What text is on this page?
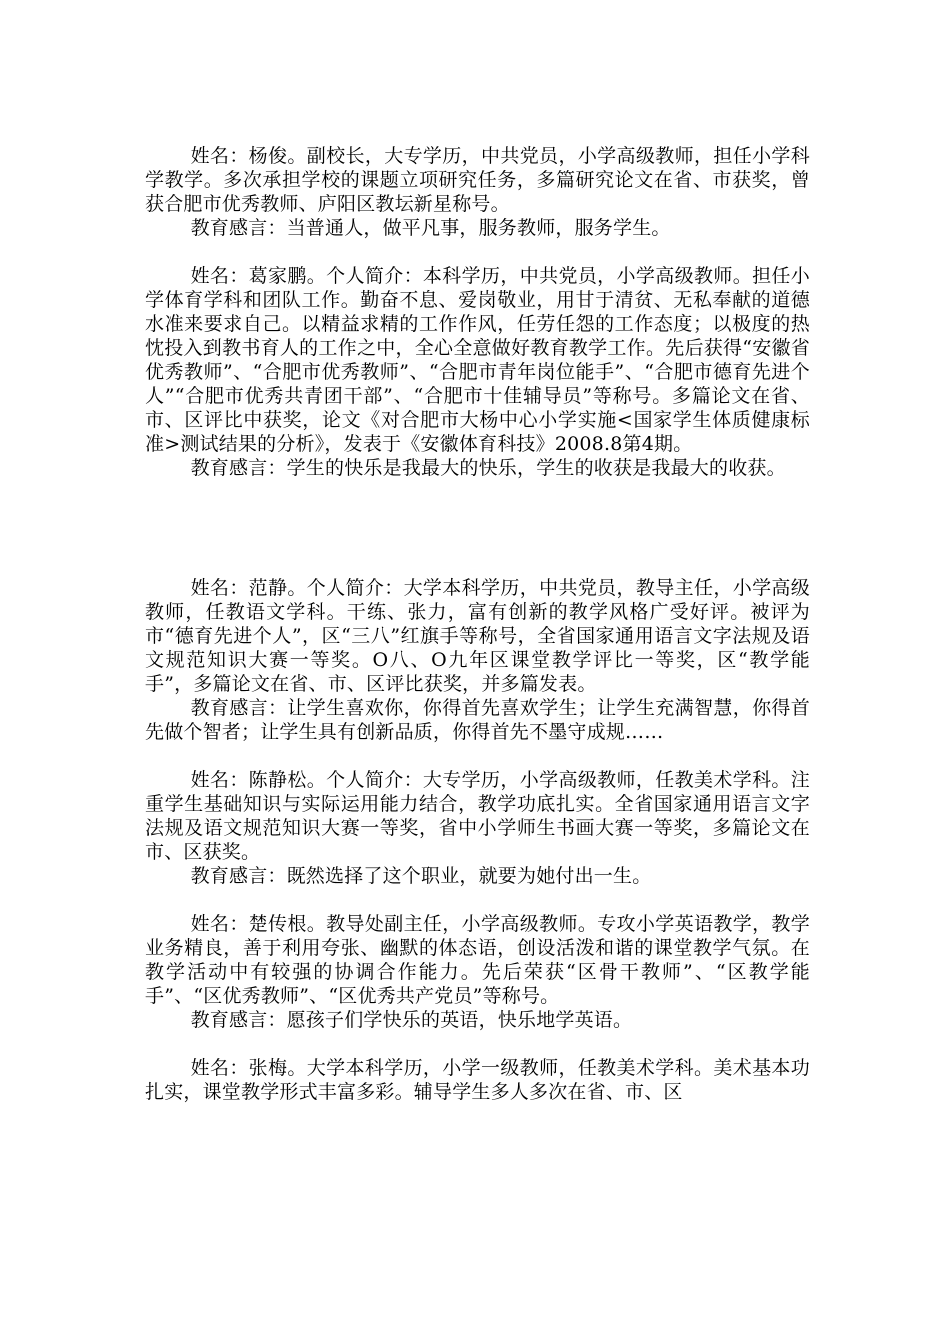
姓名：杨俊。副校长，大专学历，中共党员，小学高级教师，担任小学科学教学。多次承担学校的课题立项研究任务，多篇研究论文在省、市获奖，曾获合肥市优秀教师、庐阳区教坛新星称号。

教育感言：当普通人，做平凡事，服务教师，服务学生。

姓名：葛家鹏。个人简介：本科学历，中共党员，小学高级教师。担任小学体育学科和团队工作。勤奋不息、爱岗敬业，用甘于清贫、无私奉献的道德水准来要求自己。以精益求精的工作作风，任劳任怨的工作态度；以极度的热忱投入到教书育人的工作之中，全心全意做好教育教学工作。先后获得“安徽省优秀教师”、“合肥市优秀教师”、“合肥市青年岗位能手”、“合肥市德育先进个人”“合肥市优秀共青团干部”、“合肥市十佳辅导员”等称号。多篇论文在省、市、区评比中获奖，论文《对合肥市大杨中心小学实施<国家学生体质健康标准>测试结果的分析》，发表于《安徽体育科技》2008.8第4期。

教育感言：学生的快乐是我最大的快乐，学生的收获是我最大的收获。

姓名：范静。个人简介：大学本科学历，中共党员，教导主任，小学高级教师，任教语文学科。干练、张力，富有创新的教学风格广受好评。被评为市“德育先进个人”，区“三八”红旗手等称号，全省国家通用语言文字法规及语文规范知识大赛一等奖。O八、O九年区课堂教学评比一等奖，区“教学能手”，多篇论文在省、市、区评比获奖，并多篇发表。

教育感言：让学生喜欢你，你得首先喜欢学生；让学生充满智慧，你得首先做个智者；让学生具有创新品质，你得首先不墨守成规……

姓名：陈静松。个人简介：大专学历，小学高级教师，任教美术学科。注重学生基础知识与实际运用能力结合，教学功底扎实。全省国家通用语言文字法规及语文规范知识大赛一等奖，省中小学师生书画大赛一等奖，多篇论文在市、区获奖。

教育感言：既然选择了这个职业，就要为她付出一生。

姓名：楚传根。教导处副主任，小学高级教师。专攻小学英语教学，教学业务精良，善于利用夸张、幽默的体态语，创设活泼和谐的课堂教学气氛。在教学活动中有较强的协调合作能力。先后荣获“区骨干教师”、“区教学能手”、“区优秀教师”、“区优秀共产党员”等称号。

教育感言：愿孩子们学快乐的英语，快乐地学英语。

姓名：张梅。大学本科学历，小学一级教师，任教美术学科。美术基本功扎实，课堂教学形式丰富多彩。辅导学生多人多次在省、市、区
